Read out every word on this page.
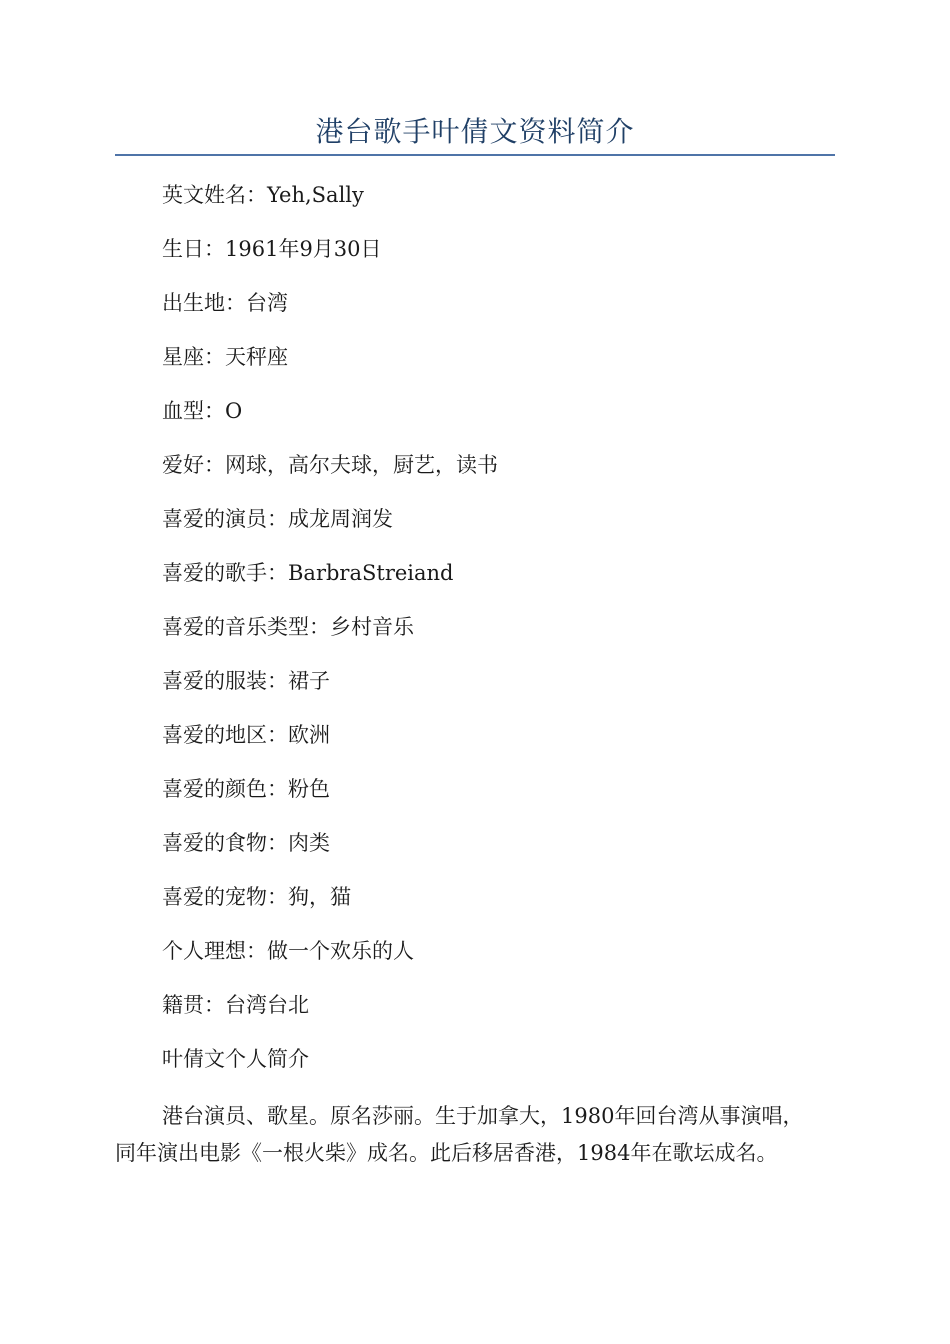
港台歌手叶倩文资料简介
英文姓名：Yeh,Sally
生日：1961年9月30日
出生地：台湾
星座：天秤座
血型：O
爱好：网球，高尔夫球，厨艺，读书
喜爱的演员：成龙周润发
喜爱的歌手：BarbraStreiand
喜爱的音乐类型：乡村音乐
喜爱的服装：裙子
喜爱的地区：欧洲
喜爱的颜色：粉色
喜爱的食物：肉类
喜爱的宠物：狗，猫
个人理想：做一个欢乐的人
籍贯：台湾台北
叶倩文个人简介
港台演员、歌星。原名莎丽。生于加拿大，1980年回台湾从事演唱，同年演出电影《一根火柴》成名。此后移居香港，1984年在歌坛成名。
